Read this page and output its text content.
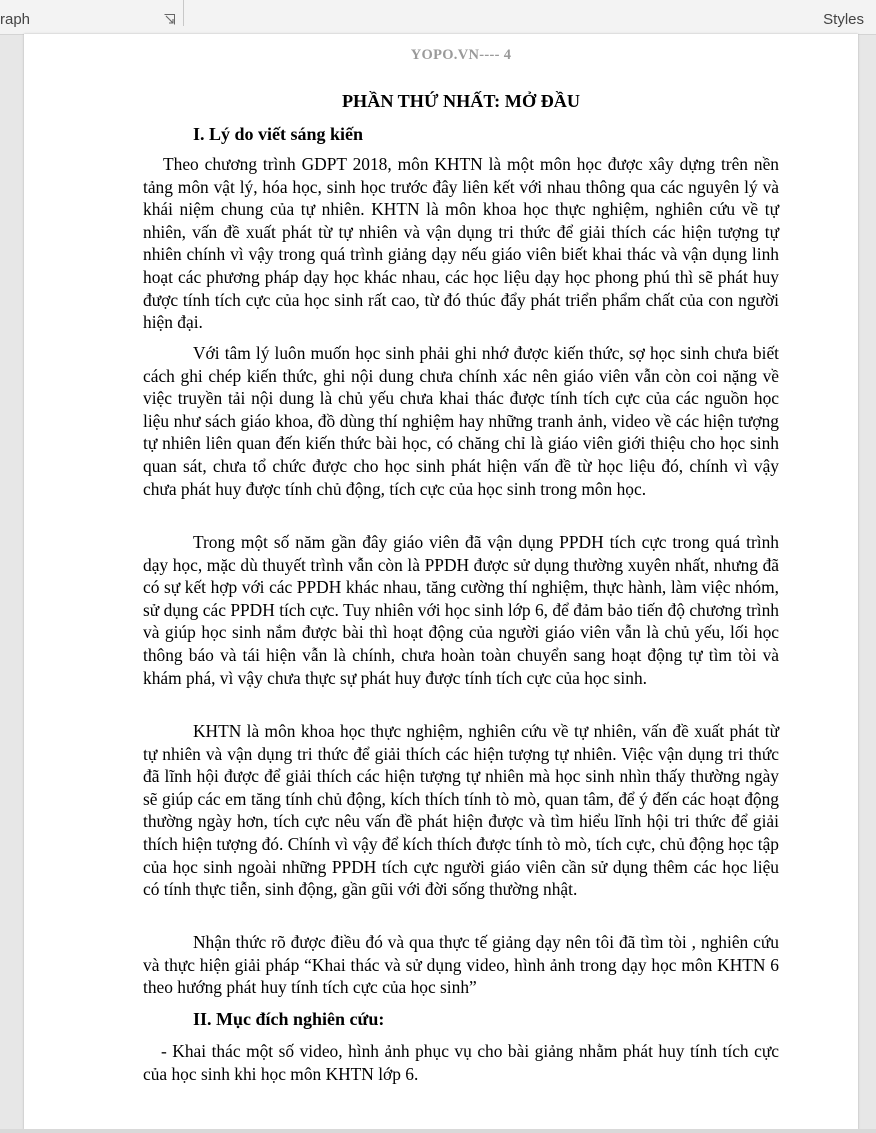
raph	Styles
YOPO.VN---- 4
PHẦN THỨ NHẤT: MỞ ĐẦU
I. Lý do viết sáng kiến

Theo chương trình GDPT 2018, môn KHTN là một môn học được xây dựng trên nền tảng môn vật lý, hóa học, sinh học trước đây liên kết với nhau thông qua các nguyên lý và khái niệm chung của tự nhiên. KHTN là môn khoa học thực nghiệm, nghiên cứu về tự nhiên, vấn đề xuất phát từ tự nhiên và vận dụng tri thức để giải thích các hiện tượng tự nhiên chính vì vậy trong quá trình giảng dạy nếu giáo viên biết khai thác và vận dụng linh hoạt các phương pháp dạy học khác nhau, các học liệu dạy học phong phú thì sẽ phát huy được tính tích cực của học sinh rất cao, từ đó thúc đẩy phát triển phẩm chất của con người hiện đại.

Với tâm lý luôn muốn học sinh phải ghi nhớ được kiến thức, sợ học sinh chưa biết cách ghi chép kiến thức, ghi nội dung chưa chính xác nên giáo viên vẫn còn coi nặng về việc truyền tải nội dung là chủ yếu chưa khai thác được tính tích cực của các nguồn học liệu như sách giáo khoa, đồ dùng thí nghiệm hay những tranh ảnh, video về các hiện tượng tự nhiên liên quan đến kiến thức bài học, có chăng chỉ là giáo viên giới thiệu cho học sinh quan sát, chưa tổ chức được cho học sinh phát hiện vấn đề từ học liệu đó, chính vì vậy chưa phát huy được tính chủ động, tích cực của học sinh trong môn học.

Trong một số năm gần đây giáo viên đã vận dụng PPDH tích cực trong quá trình dạy học, mặc dù thuyết trình vẫn còn là PPDH được sử dụng thường xuyên nhất, nhưng đã có sự kết hợp với các PPDH khác nhau, tăng cường thí nghiệm, thực hành, làm việc nhóm, sử dụng các PPDH tích cực. Tuy nhiên với học sinh lớp 6, để đảm bảo tiến độ chương trình và giúp học sinh nắm được bài thì hoạt động của người giáo viên vẫn là chủ yếu, lối học thông báo và tái hiện vẫn là chính, chưa hoàn toàn chuyển sang hoạt động tự tìm tòi và khám phá, vì vậy chưa thực sự phát huy được tính tích cực của học sinh.

KHTN là môn khoa học thực nghiệm, nghiên cứu về tự nhiên, vấn đề xuất phát từ tự nhiên và vận dụng tri thức để giải thích các hiện tượng tự nhiên. Việc vận dụng tri thức đã lĩnh hội được để giải thích các hiện tượng tự nhiên mà học sinh nhìn thấy thường ngày sẽ giúp các em tăng tính chủ động, kích thích tính tò mò, quan tâm, để ý đến các hoạt động thường ngày hơn, tích cực nêu vấn đề phát hiện được và tìm hiểu lĩnh hội tri thức để giải thích hiện tượng đó. Chính vì vậy để kích thích được tính tò mò, tích cực, chủ động học tập của học sinh ngoài những PPDH tích cực người giáo viên cần sử dụng thêm các học liệu có tính thực tiễn, sinh động, gần gũi với đời sống thường nhật.

Nhận thức rõ được điều đó và qua thực tế giảng dạy nên tôi đã tìm tòi , nghiên cứu và thực hiện giải pháp “Khai thác và sử dụng video, hình ảnh trong dạy học môn KHTN 6 theo hướng phát huy tính tích cực của học sinh”

II. Mục đích nghiên cứu:

- Khai thác một số video, hình ảnh phục vụ cho bài giảng nhằm phát huy tính tích cực của học sinh khi học môn KHTN lớp 6.
